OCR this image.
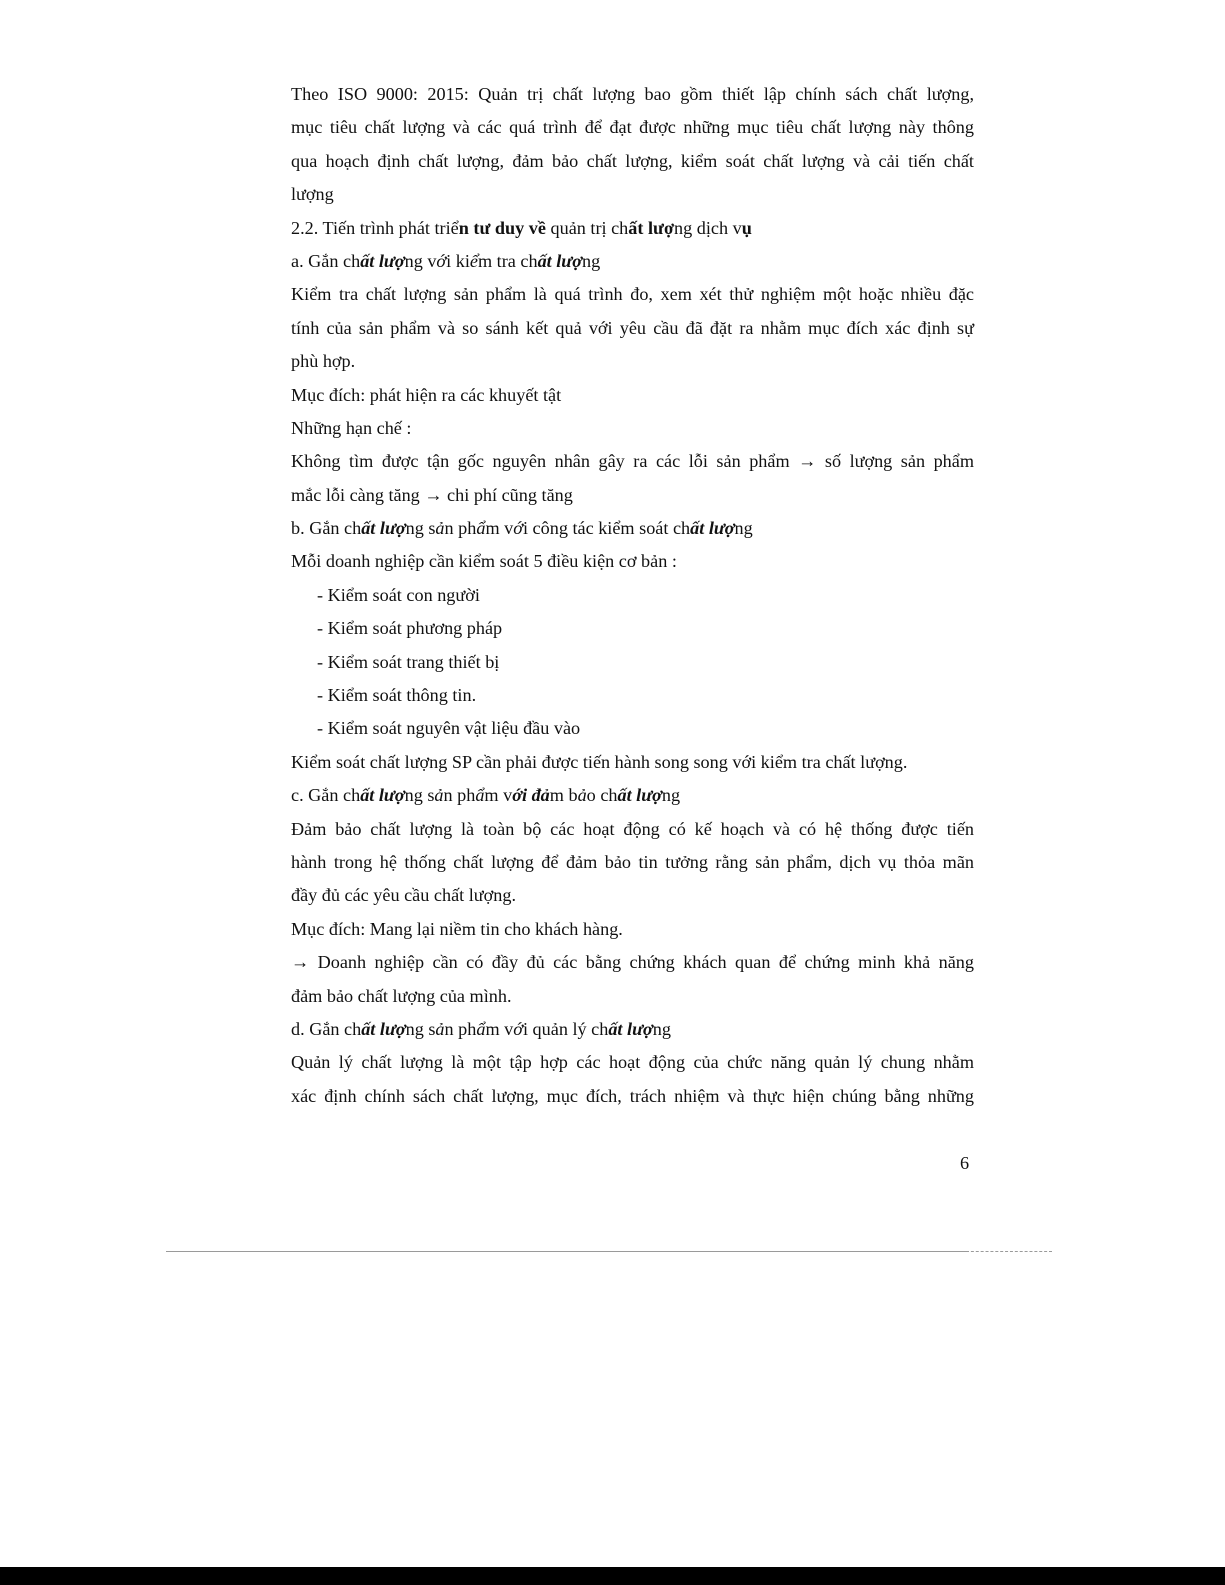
Theo ISO 9000: 2015: Quản trị chất lượng bao gồm thiết lập chính sách chất lượng,
mục tiêu chất lượng và các quá trình để đạt được những mục tiêu chất lượng này thông
qua hoạch định chất lượng, đảm bảo chất lượng, kiểm soát chất lượng và cải tiến chất
lượng
2.2. Tiến trình phát triển tư duy về quản trị chất lượng dịch vụ
a. Gắn chất lượng với kiểm tra chất lượng
Kiểm tra chất lượng sản phẩm là quá trình đo, xem xét thử nghiệm một hoặc nhiều đặc
tính của sản phẩm và so sánh kết quả với yêu cầu đã đặt ra nhằm mục đích xác định sự
phù hợp.
Mục đích: phát hiện ra các khuyết tật
Những hạn chế :
Không tìm được tận gốc nguyên nhân gây ra các lỗi sản phẩm → số lượng sản phẩm
mắc lỗi càng tăng → chi phí cũng tăng
b. Gắn chất lượng sản phẩm với công tác kiểm soát chất lượng
Mỗi doanh nghiệp cần kiểm soát 5 điều kiện cơ bản :
- Kiểm soát con người
- Kiểm soát phương pháp
- Kiểm soát trang thiết bị
- Kiểm soát thông tin.
- Kiểm soát nguyên vật liệu đầu vào
Kiểm soát chất lượng SP cần phải được tiến hành song song với kiểm tra chất lượng.
c. Gắn chất lượng sản phẩm với đảm bảo chất lượng
Đảm bảo chất lượng là toàn bộ các hoạt động có kế hoạch và có hệ thống được tiến
hành trong hệ thống chất lượng để đảm bảo tin tưởng rằng sản phẩm, dịch vụ thỏa mãn
đầy đủ các yêu cầu chất lượng.
Mục đích: Mang lại niềm tin cho khách hàng.
→ Doanh nghiệp cần có đầy đủ các bằng chứng khách quan để chứng minh khả năng
đảm bảo chất lượng của mình.
d. Gắn chất lượng sản phẩm với quản lý chất lượng
Quản lý chất lượng là một tập hợp các hoạt động của chức năng quản lý chung nhằm
xác định chính sách chất lượng, mục đích, trách nhiệm và thực hiện chúng bằng những
6
